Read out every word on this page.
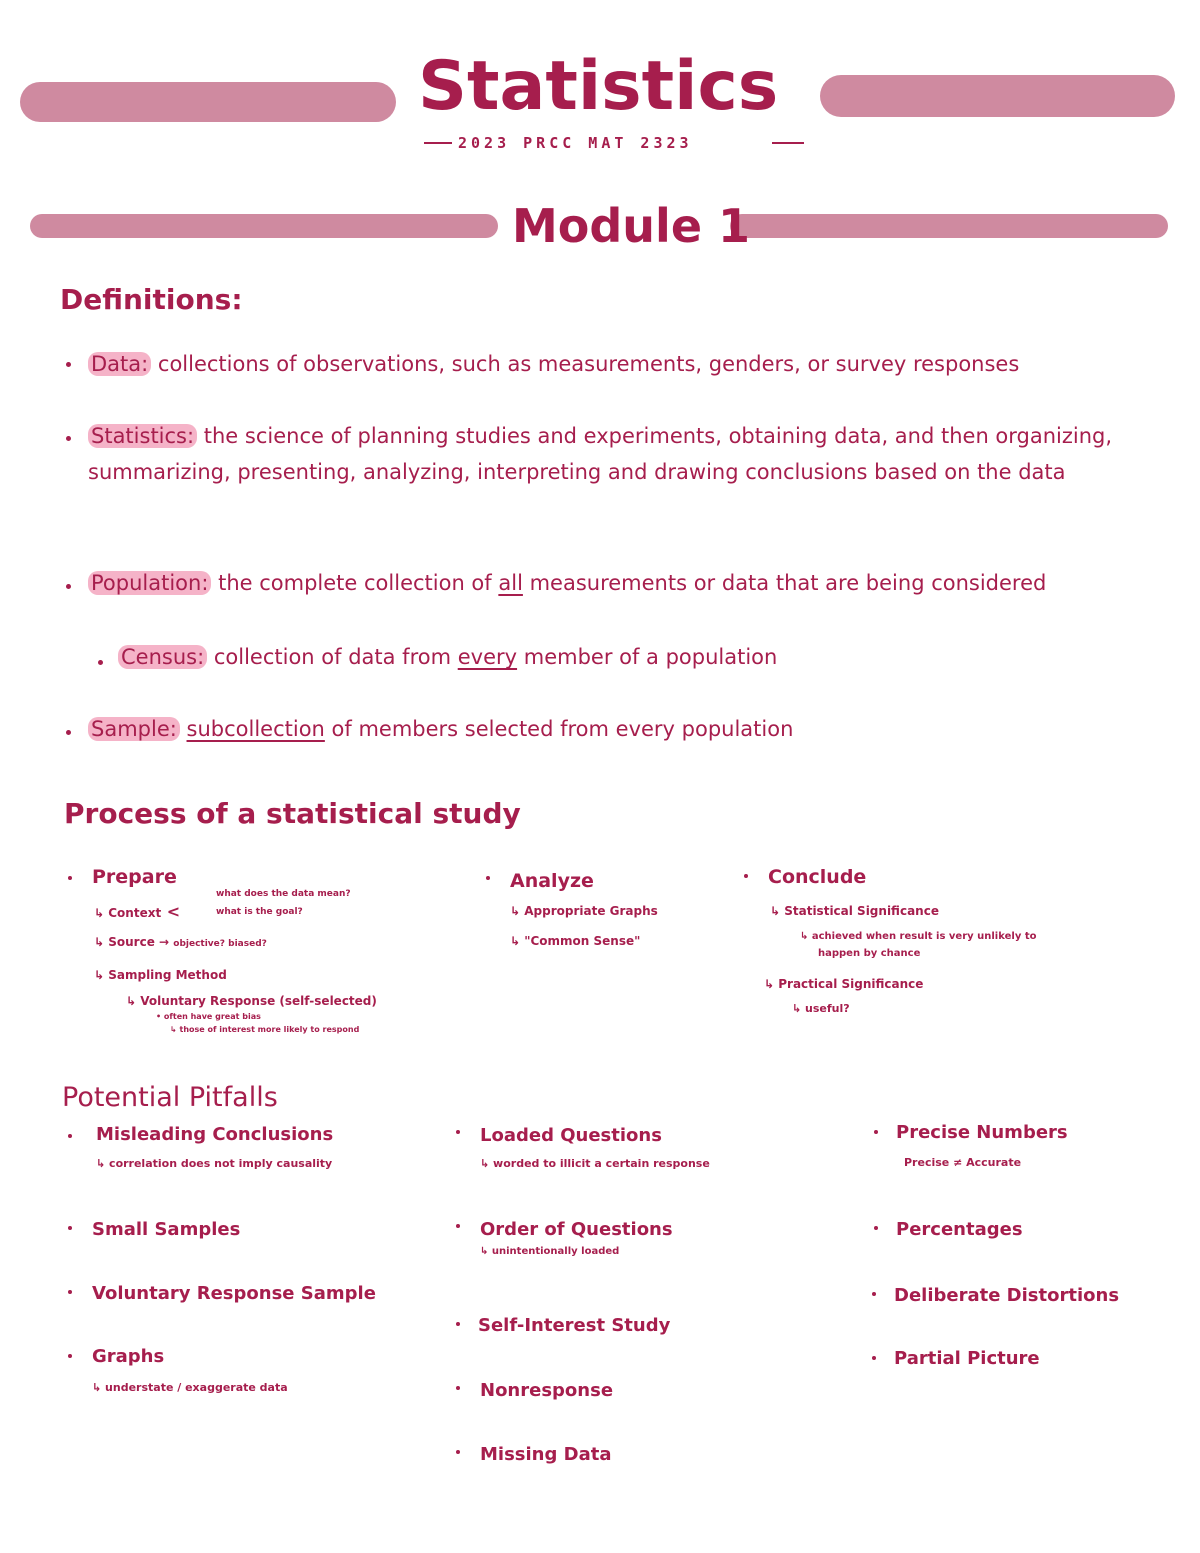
Statistics
2023 PRCC MAT 2323
Module 1
Definitions:
Data: collections of observations, such as measurements, genders, or survey responses
Statistics: the science of planning studies and experiments, obtaining data, and then organizing, summarizing, presenting, analyzing, interpreting and drawing conclusions based on the data
Population: the complete collection of all measurements or data that are being considered
Census: collection of data from every member of a population
Sample: subcollection of members selected from every population
Process of a statistical study
Prepare
↳ Context <
what does the data mean?
what is the goal?
↳ Source → objective? biased?
↳ Sampling Method
↳ Voluntary Response (self-selected)
• often have great bias
↳ those of interest more likely to respond
Analyze
↳ Appropriate Graphs
↳ "Common Sense"
Conclude
↳ Statistical Significance
↳ achieved when result is very unlikely to
happen by chance
↳ Practical Significance
↳ useful?
Potential Pitfalls
Misleading Conclusions
↳ correlation does not imply causality
Small Samples
Voluntary Response Sample
Graphs
↳ understate / exaggerate data
Loaded Questions
↳ worded to illicit a certain response
Order of Questions
↳ unintentionally loaded
Self-Interest Study
Nonresponse
Missing Data
Precise Numbers
Precise ≠ Accurate
Percentages
Deliberate Distortions
Partial Picture
